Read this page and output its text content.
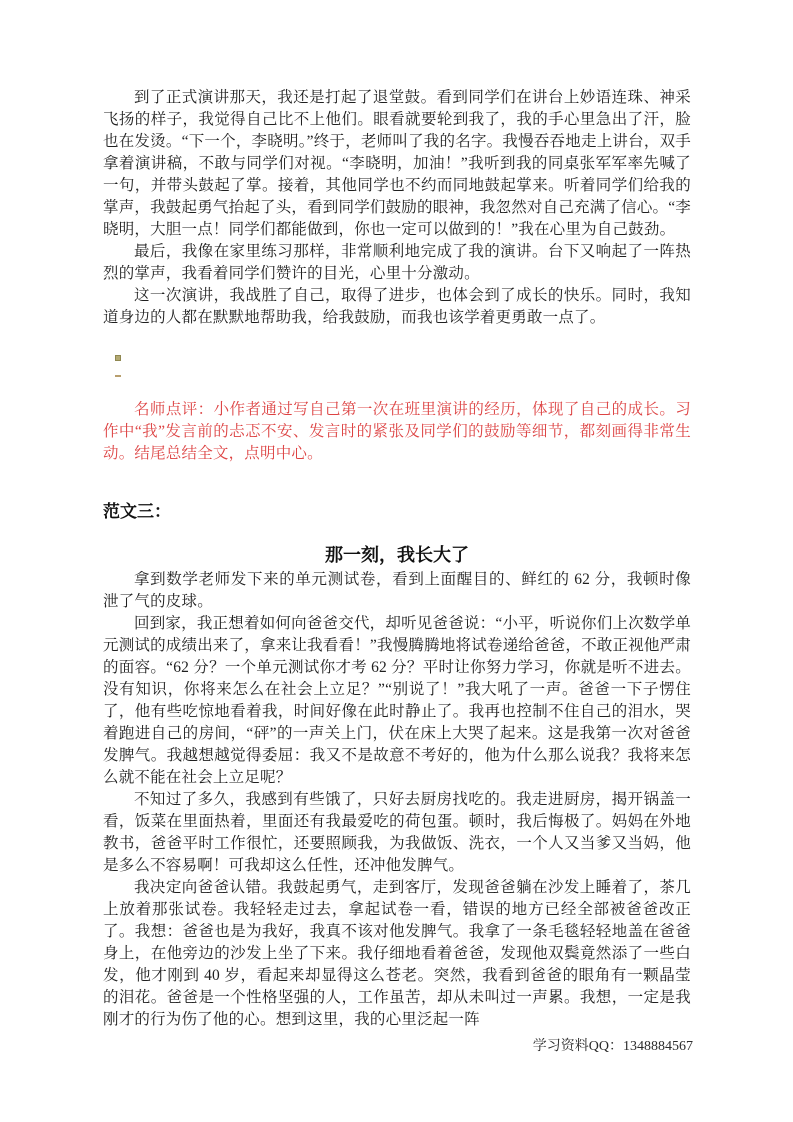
到了正式演讲那天，我还是打起了退堂鼓。看到同学们在讲台上妙语连珠、神采飞扬的样子，我觉得自己比不上他们。眼看就要轮到我了，我的手心里急出了汗，脸也在发烫。“下一个，李晓明。”终于，老师叫了我的名字。我慢吞吞地走上讲台，双手拿着演讲稿，不敢与同学们对视。“李晓明，加油！”我听到我的同桌张军军率先喊了一句，并带头鼓起了掌。接着，其他同学也不约而同地鼓起掌来。听着同学们给我的掌声，我鼓起勇气抬起了头，看到同学们鼓励的眼神，我忽然对自己充满了信心。“李晓明，大胆一点！同学们都能做到，你也一定可以做到的！”我在心里为自己鼓劲。

最后，我像在家里练习那样，非常顺利地完成了我的演讲。台下又响起了一阵热烈的掌声，我看着同学们赞许的目光，心里十分激动。

这一次演讲，我战胜了自己，取得了进步，也体会到了成长的快乐。同时，我知道身边的人都在默默地帮助我，给我鼓励，而我也该学着更勇敢一点了。

名师点评：小作者通过写自己第一次在班里演讲的经历，体现了自己的成长。习作中“我”发言前的忐忑不安、发言时的紧张及同学们的鼓励等细节，都刻画得非常生动。结尾总结全文，点明中心。

范文三：
那一刻，我长大了

拿到数学老师发下来的单元测试卷，看到上面醒目的、鲜红的 62 分，我顿时像泄了气的皮球。

回到家，我正想着如何向爸爸交代，却听见爸爸说：“小平，听说你们上次数学单元测试的成绩出来了，拿来让我看看！”我慢腾腾地将试卷递给爸爸，不敢正视他严肃的面容。“62 分？一个单元测试你才考 62 分？平时让你努力学习，你就是听不进去。没有知识，你将来怎么在社会上立足？”“别说了！”我大吼了一声。爸爸一下子愣住了，他有些吃惊地看着我，时间好像在此时静止了。我再也控制不住自己的泪水，哭着跑进自己的房间，“砰”的一声关上门，伏在床上大哭了起来。这是我第一次对爸爸发脾气。我越想越觉得委屈：我又不是故意不考好的，他为什么那么说我？我将来怎么就不能在社会上立足呢？

不知过了多久，我感到有些饿了，只好去厨房找吃的。我走进厨房，揭开锅盖一看，饭菜在里面热着，里面还有我最爱吃的荷包蛋。顿时，我后悔极了。妈妈在外地教书，爸爸平时工作很忙，还要照顾我，为我做饭、洗衣，一个人又当爹又当妈，他是多么不容易啊！可我却这么任性，还冲他发脾气。

我决定向爸爸认错。我鼓起勇气，走到客厅，发现爸爸躺在沙发上睡着了，茶几上放着那张试卷。我轻轻走过去，拿起试卷一看，错误的地方已经全部被爸爸改正了。我想：爸爸也是为我好，我真不该对他发脾气。我拿了一条毛毯轻轻地盖在爸爸身上，在他旁边的沙发上坐了下来。我仔细地看着爸爸，发现他双鬓竟然添了一些白发，他才刚到 40 岁，看起来却显得这么苍老。突然，我看到爸爸的眼角有一颗晶莹的泪花。爸爸是一个性格坚强的人，工作虽苦，却从未叫过一声累。我想，一定是我刚才的行为伤了他的心。想到这里，我的心里泛起一阵

学习资料QQ：1348884567
